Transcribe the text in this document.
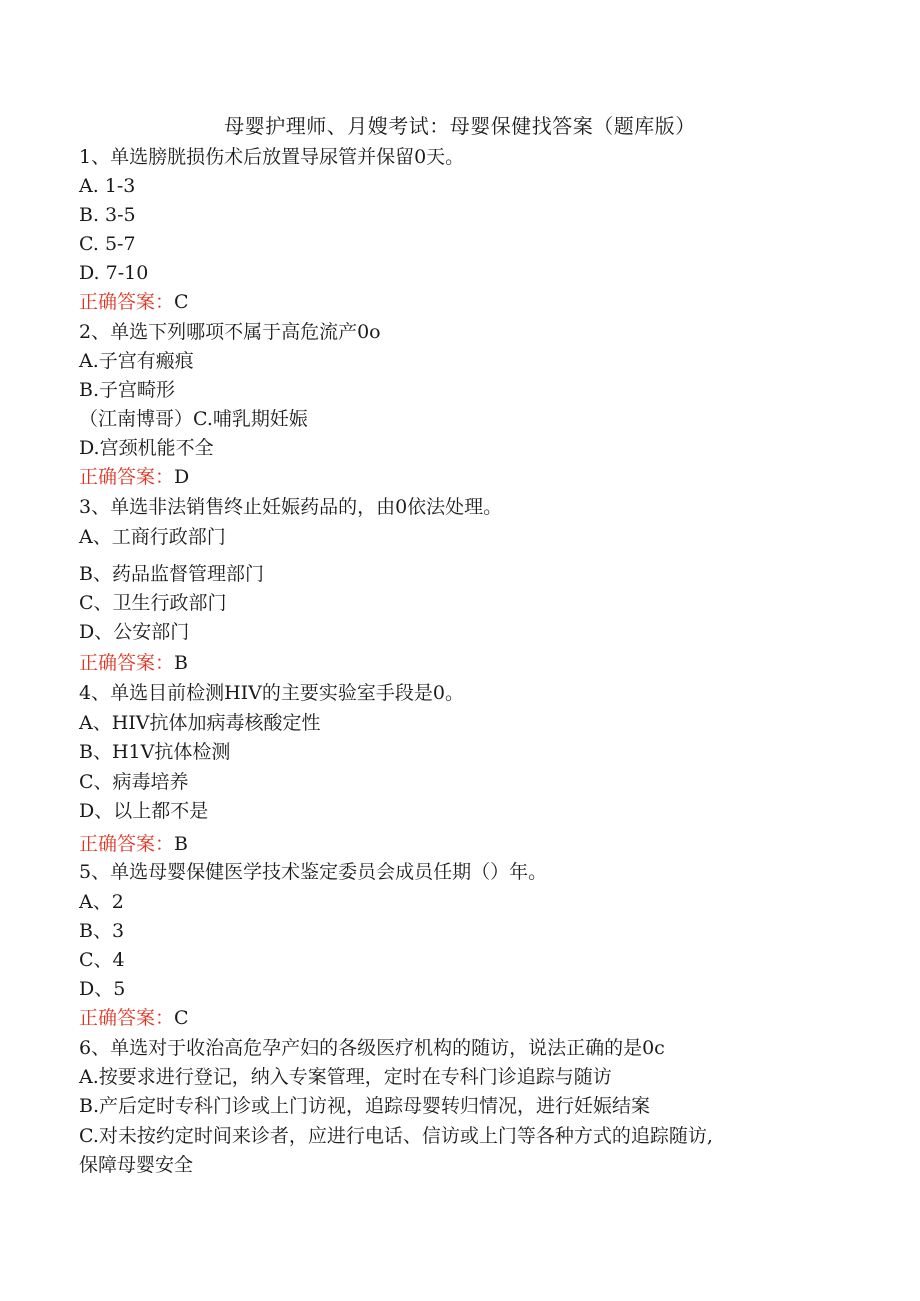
母婴护理师、月嫂考试：母婴保健找答案（题库版）
1、单选膀胱损伤术后放置导尿管并保留0天。
A. 1-3
B. 3-5
C. 5-7
D. 7-10
正确答案：C
2、单选下列哪项不属于高危流产0o
A.子宫有瘢痕
B.子宫畸形
（江南博哥）C.哺乳期妊娠
D.宫颈机能不全
正确答案：D
3、单选非法销售终止妊娠药品的，由0依法处理。
A、工商行政部门
B、药品监督管理部门
C、卫生行政部门
D、公安部门
正确答案：B
4、单选目前检测HIV的主要实验室手段是0。
A、HIV抗体加病毒核酸定性
B、H1V抗体检测
C、病毒培养
D、以上都不是
正确答案：B
5、单选母婴保健医学技术鉴定委员会成员任期（）年。
A、2
B、3
C、4
D、5
正确答案：C
6、单选对于收治高危孕产妇的各级医疗机构的随访，说法正确的是0c
A.按要求进行登记，纳入专案管理，定时在专科门诊追踪与随访
B.产后定时专科门诊或上门访视，追踪母婴转归情况，进行妊娠结案
C.对未按约定时间来诊者，应进行电话、信访或上门等各种方式的追踪随访,
保障母婴安全
